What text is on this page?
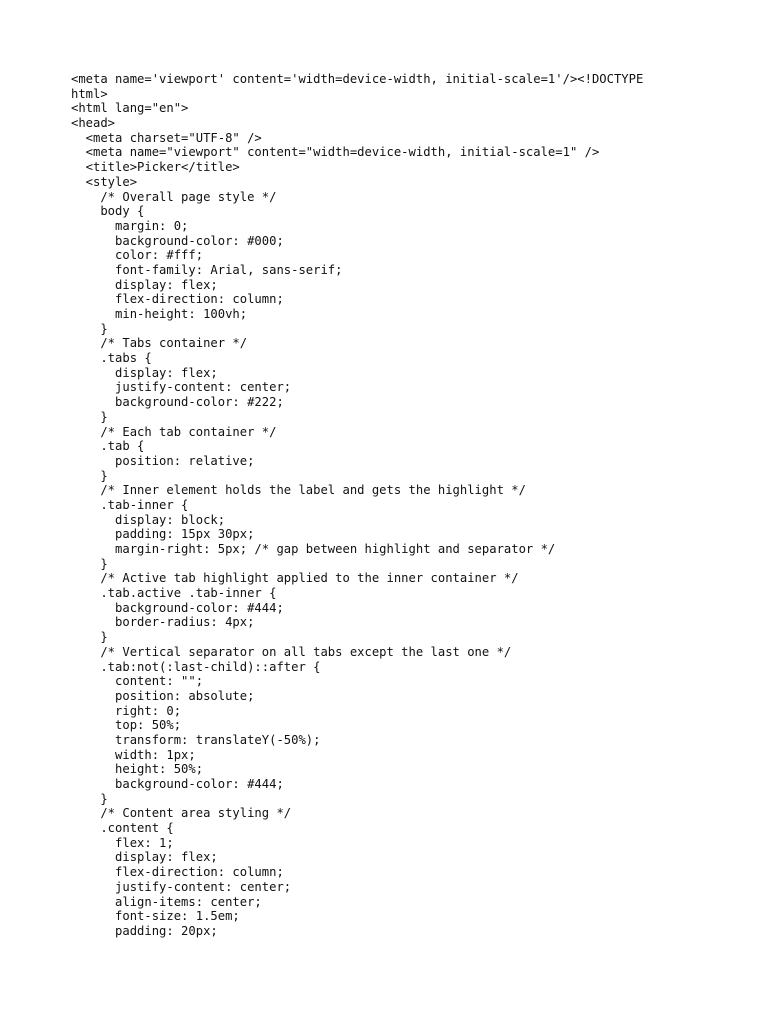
<meta name='viewport' content='width=device-width, initial-scale=1'/><!DOCTYPE
html>
<html lang="en">
<head>
<meta charset="UTF-8" />
<meta name="viewport" content="width=device-width, initial-scale=1" />
<title>Picker</title>
<style>
/* Overall page style */
body {
margin: 0;
background-color: #000;
color: #fff;
font-family: Arial, sans-serif;
display: flex;
flex-direction: column;
min-height: 100vh;
}
/* Tabs container */
.tabs {
display: flex;
justify-content: center;
background-color: #222;
}
/* Each tab container */
.tab {
position: relative;
}
/* Inner element holds the label and gets the highlight */
.tab-inner {
display: block;
padding: 15px 30px;
margin-right: 5px; /* gap between highlight and separator */
}
/* Active tab highlight applied to the inner container */
.tab.active .tab-inner {
background-color: #444;
border-radius: 4px;
}
/* Vertical separator on all tabs except the last one */
.tab:not(:last-child)::after {
content: "";
position: absolute;
right: 0;
top: 50%;
transform: translateY(-50%);
width: 1px;
height: 50%;
background-color: #444;
}
/* Content area styling */
.content {
flex: 1;
display: flex;
flex-direction: column;
justify-content: center;
align-items: center;
font-size: 1.5em;
padding: 20px;
